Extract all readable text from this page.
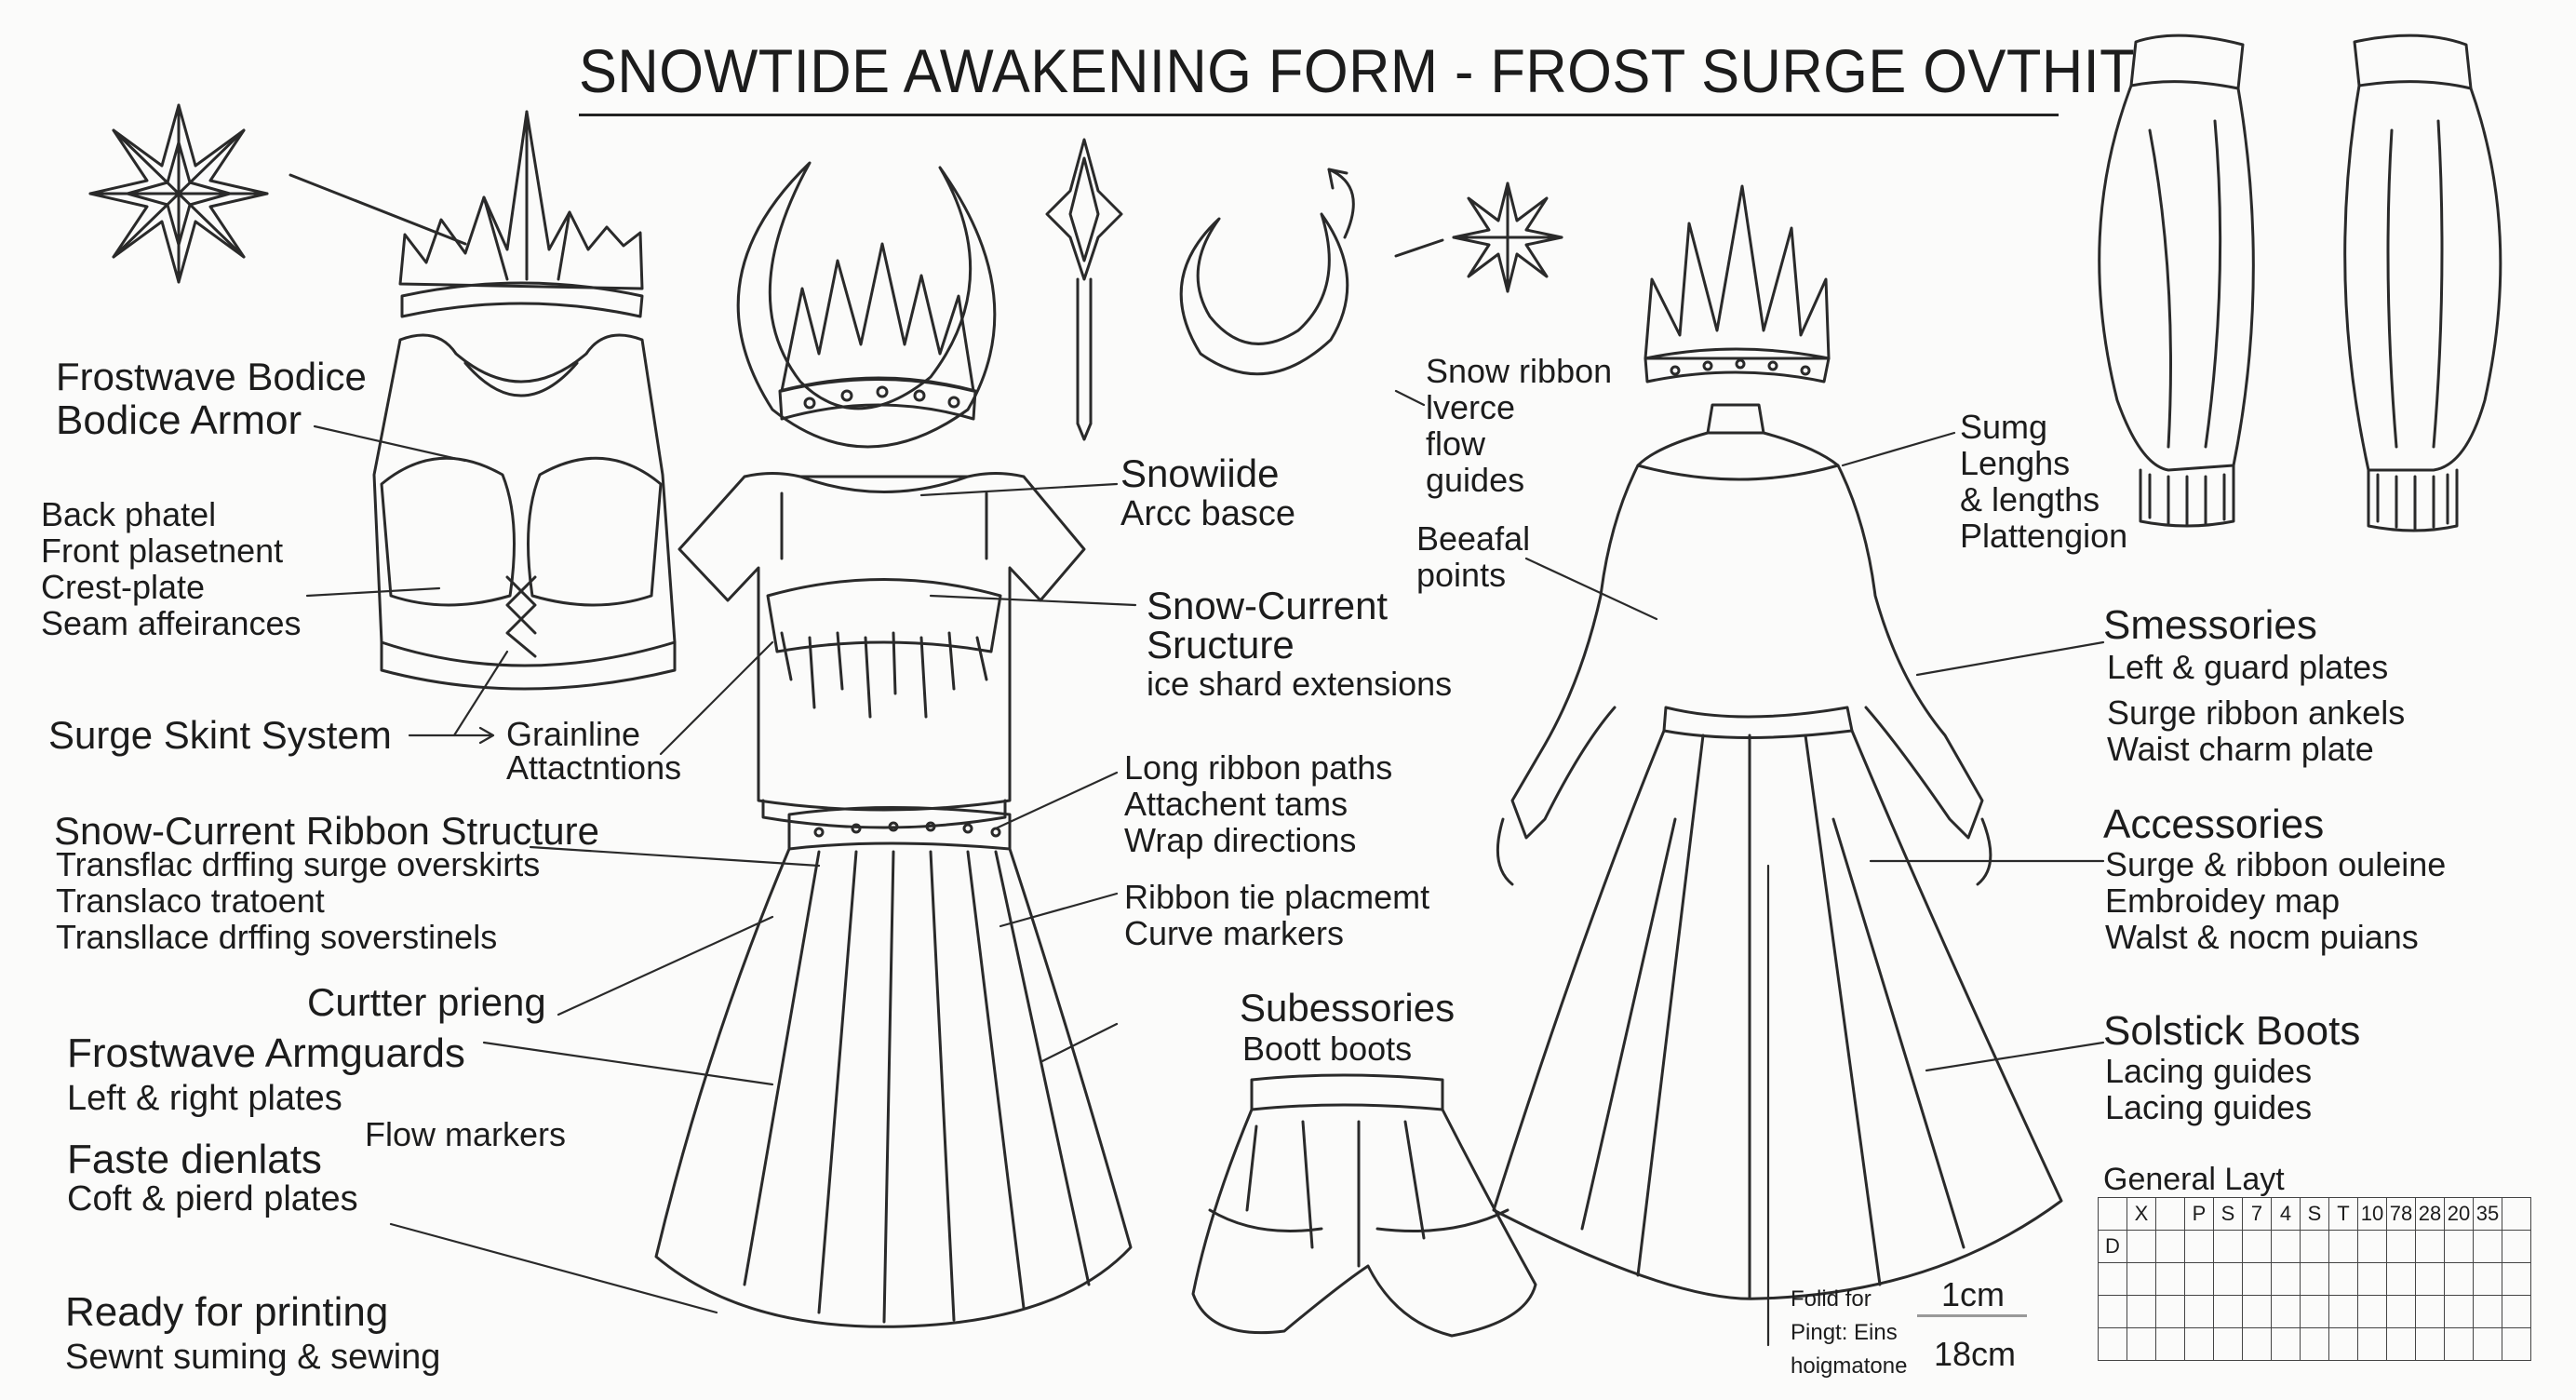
SNOWTIDE AWAKENING FORM - FROST SURGE OVTHIT
Frostwave Bodice
Bodice Armor
Back phatel
Front plasetnent
Crest-plate
Seam affeirances
Surge Skint System	Grainline
Attactntions
Snow-Current Ribbon Structure
Transflac drffing surge overskirts
Translaco tratoent
Transllace drffing soverstinels
Curtter prieng
Frostwave Armguards
Left & right plates
Flow markers
Faste dienlats
Coft & pierd plates
Ready for printing
Sewnt suming & sewing
Snowiide
Arcc basce
Snow-Current
Sructure
ice shard extensions
Long ribbon paths
Attachent tams
Wrap directions
Ribbon tie placmemt
Curve markers
Subessories
Boott boots
Snow ribbon
lverce
flow
guides
Beeafal
points
Sumg
Lenghs
& lengths
Plattengion
Smessories
Left & guard plates
Surge ribbon ankels
Waist charm plate
Accessories
Surge & ribbon ouleine
Embroidey map
Walst & nocm puians
Solstick Boots
Lacing guides
Lacing guides
General Layt
	X		P	S	7	4	S	T	10	78	28	20	35	
D														

Folid for
Pingt: Eins
hoigmatone
1cm
18cm
